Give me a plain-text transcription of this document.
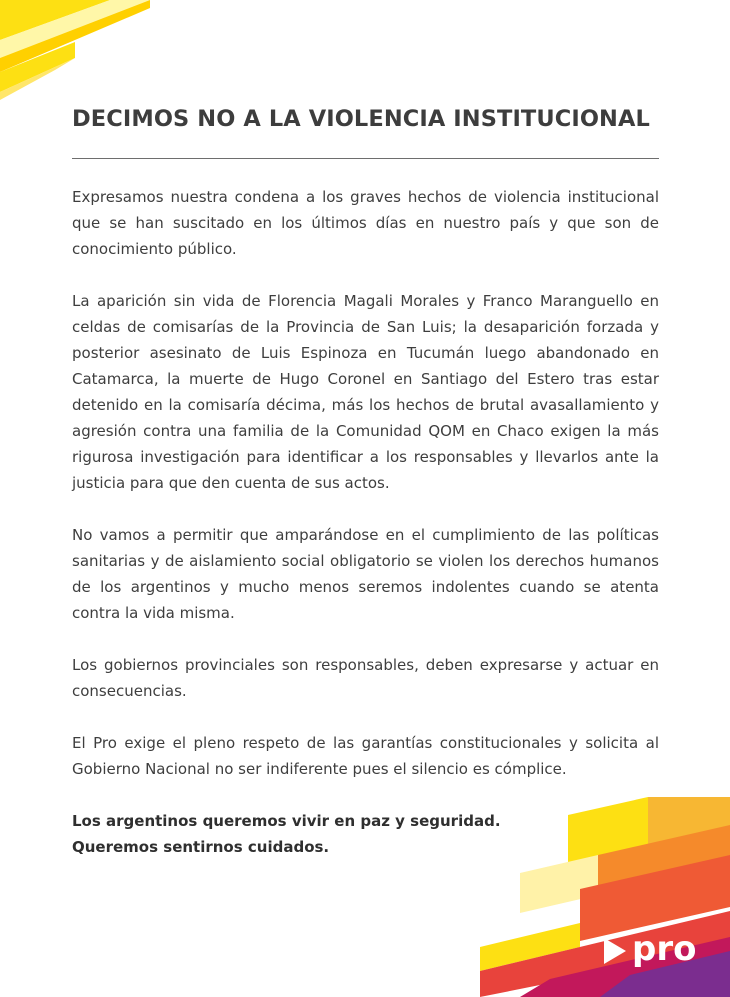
DECIMOS NO A LA VIOLENCIA INSTITUCIONAL

Expresamos nuestra condena a los graves hechos de violencia institucional que se han suscitado en los últimos días en nuestro país y que son de conocimiento público.

La aparición sin vida de Florencia Magali Morales y Franco Maranguello en celdas de comisarías de la Provincia de San Luis; la desaparición forzada y posterior asesinato de Luis Espinoza en Tucumán luego abandonado en Catamarca, la muerte de Hugo Coronel en Santiago del Estero tras estar detenido en la comisaría décima, más los hechos de brutal avasallamiento y agresión contra una familia de la Comunidad QOM en Chaco exigen la más rigurosa investigación para identificar a los responsables y llevarlos ante la justicia para que den cuenta de sus actos.

No vamos a permitir que amparándose en el cumplimiento de las políticas sanitarias y de aislamiento social obligatorio se violen los derechos humanos de los argentinos y mucho menos seremos indolentes cuando se atenta contra la vida misma.

Los gobiernos provinciales son responsables, deben expresarse y actuar en consecuencias.

El Pro exige el pleno respeto de las garantías constitucionales y solicita al Gobierno Nacional no ser indiferente pues el silencio es cómplice.

Los argentinos queremos vivir en paz y seguridad.
Queremos sentirnos cuidados.

pro
